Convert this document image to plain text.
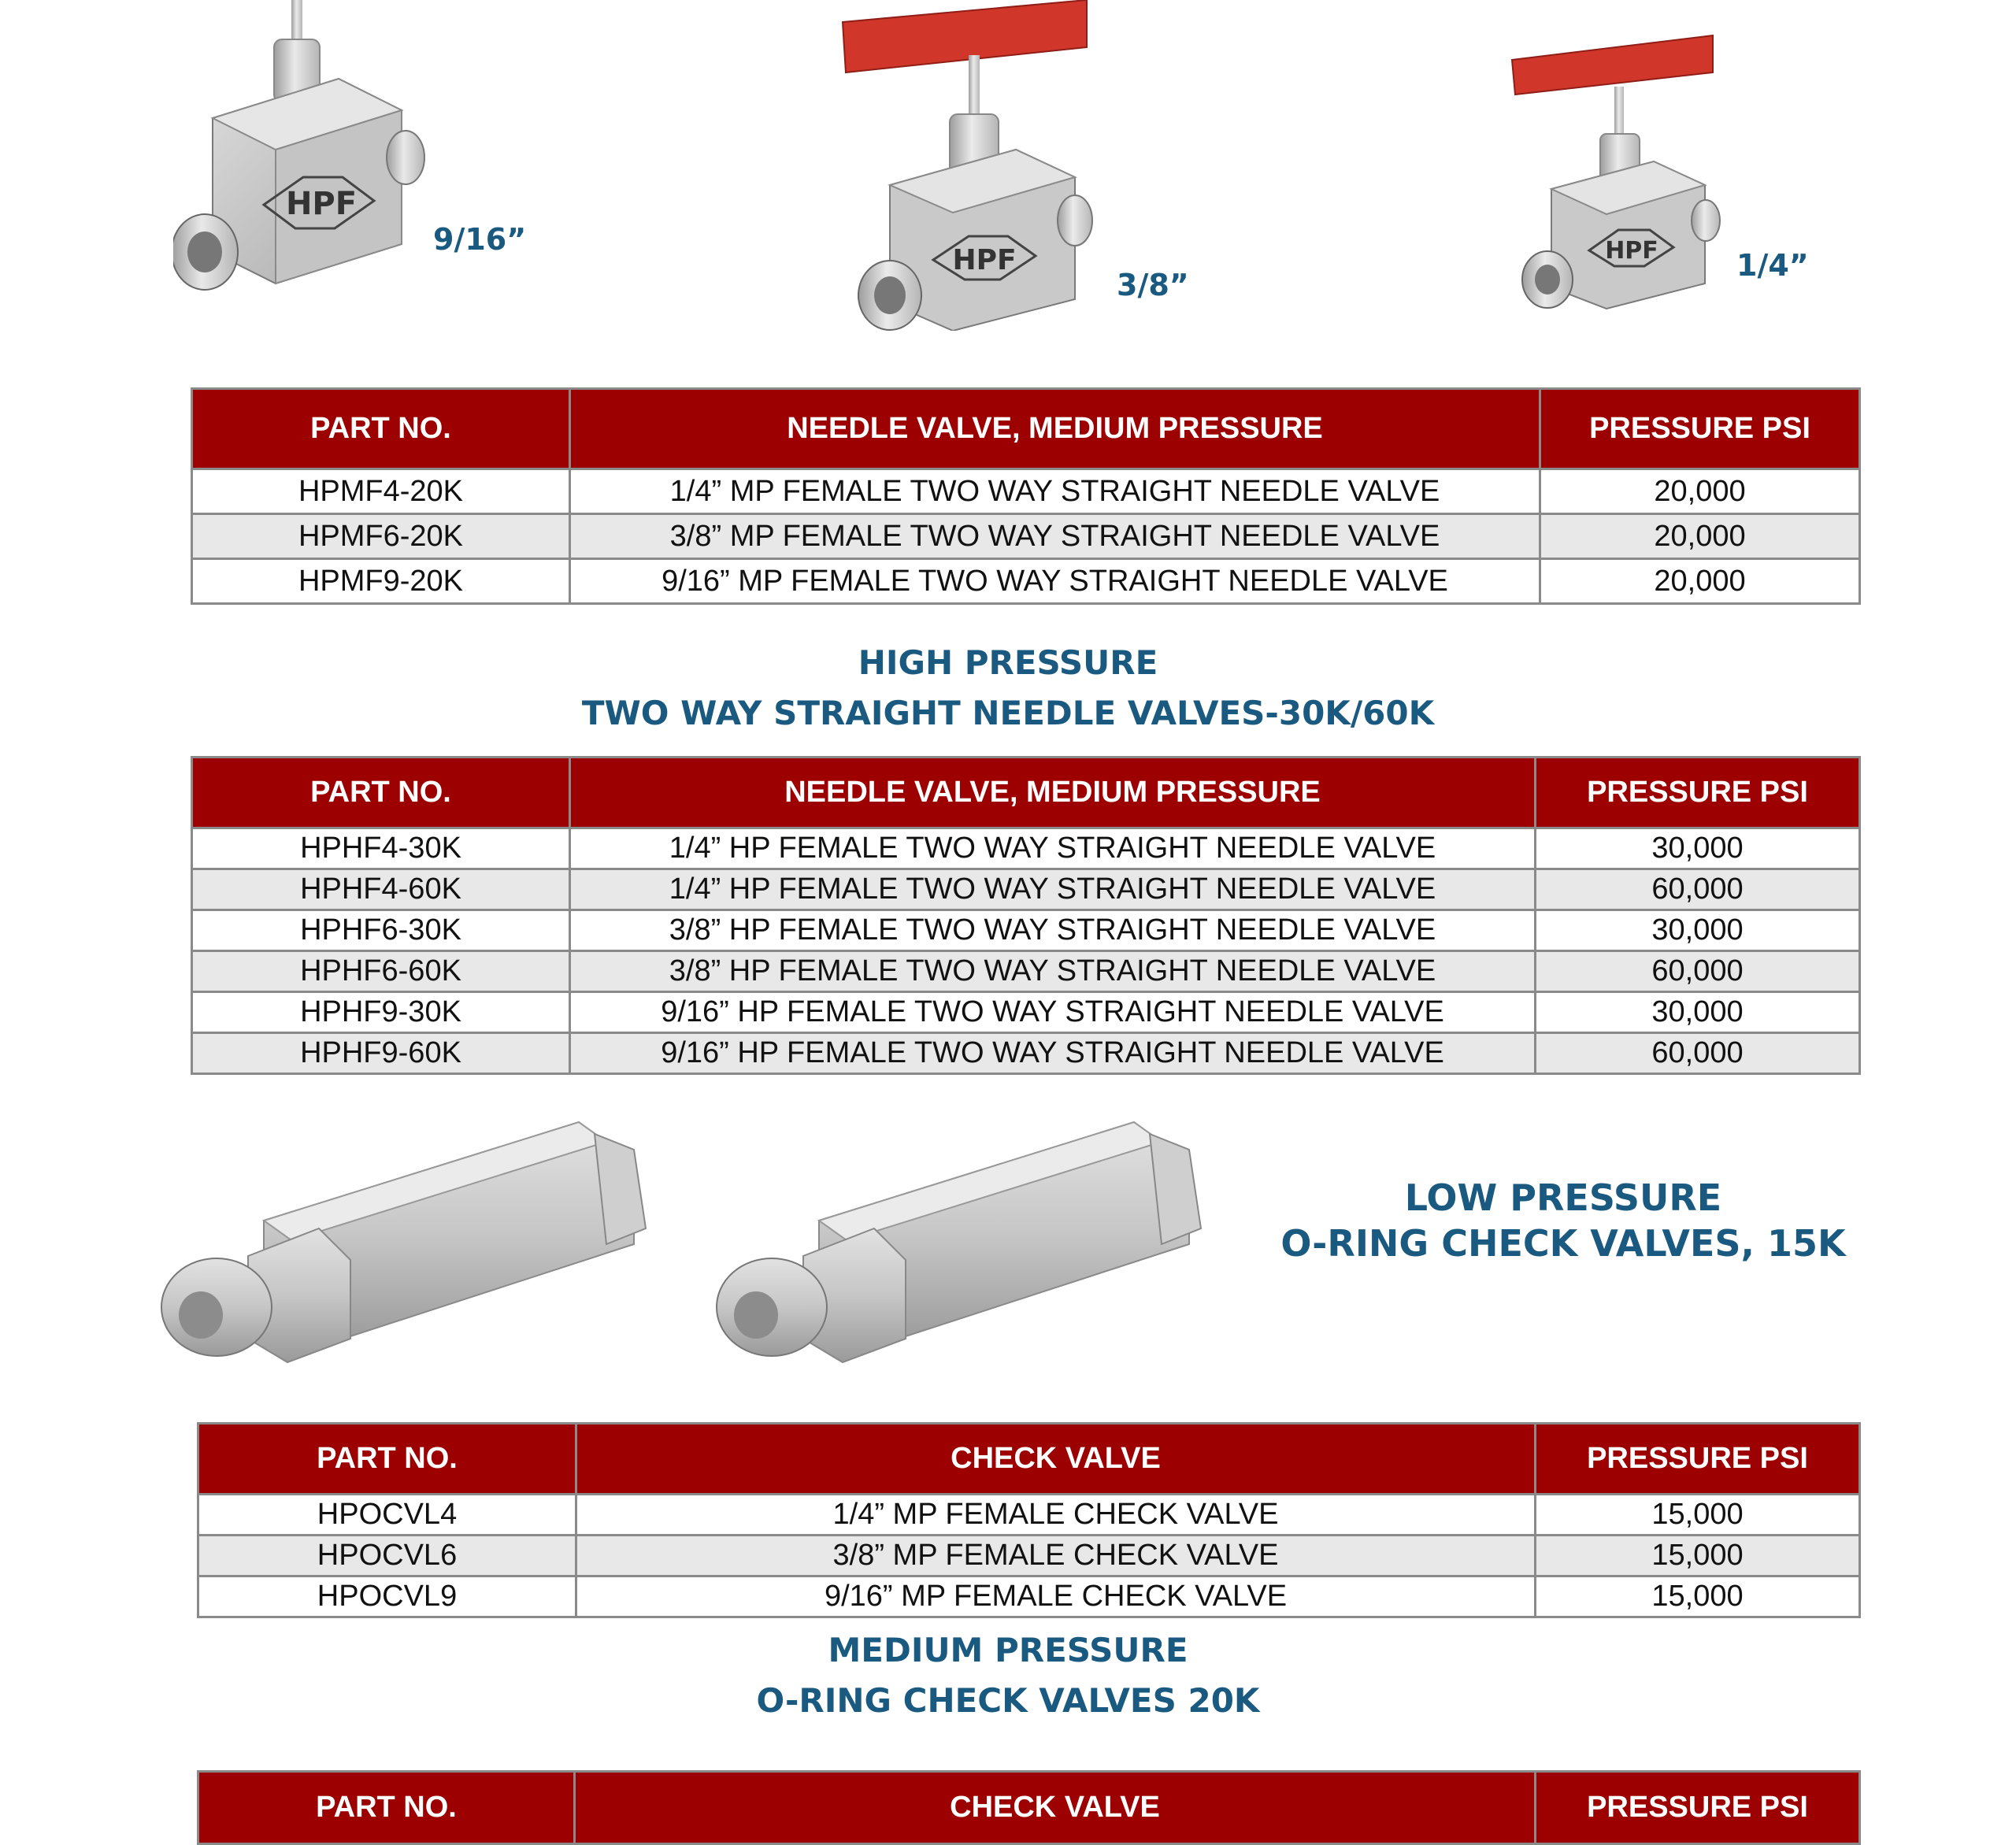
HPF
9/16”
HPF
3/8”
HPF	1/4”
PART NO.	NEEDLE VALVE, MEDIUM PRESSURE	PRESSURE PSI
HPMF4-20K	1/4” MP FEMALE TWO WAY STRAIGHT NEEDLE VALVE	20,000
HPMF6-20K	3/8” MP FEMALE TWO WAY STRAIGHT NEEDLE VALVE	20,000
HPMF9-20K	9/16” MP FEMALE TWO WAY STRAIGHT NEEDLE VALVE	20,000
HIGH PRESSURE
TWO WAY STRAIGHT NEEDLE VALVES-30K/60K
PART NO.	NEEDLE VALVE, MEDIUM PRESSURE	PRESSURE PSI
HPHF4-30K	1/4” HP FEMALE TWO WAY STRAIGHT NEEDLE VALVE	30,000
HPHF4-60K	1/4” HP FEMALE TWO WAY STRAIGHT NEEDLE VALVE	60,000
HPHF6-30K	3/8” HP FEMALE TWO WAY STRAIGHT NEEDLE VALVE	30,000
HPHF6-60K	3/8” HP FEMALE TWO WAY STRAIGHT NEEDLE VALVE	60,000
HPHF9-30K	9/16” HP FEMALE TWO WAY STRAIGHT NEEDLE VALVE	30,000
HPHF9-60K	9/16” HP FEMALE TWO WAY STRAIGHT NEEDLE VALVE	60,000
LOW PRESSURE
O-RING CHECK VALVES, 15K
PART NO.	CHECK VALVE	PRESSURE PSI
HPOCVL4	1/4” MP FEMALE CHECK VALVE	15,000
HPOCVL6	3/8” MP FEMALE CHECK VALVE	15,000
HPOCVL9	9/16” MP FEMALE CHECK VALVE	15,000
MEDIUM PRESSURE
O-RING CHECK VALVES 20K
PART NO.	CHECK VALVE	PRESSURE PSI
